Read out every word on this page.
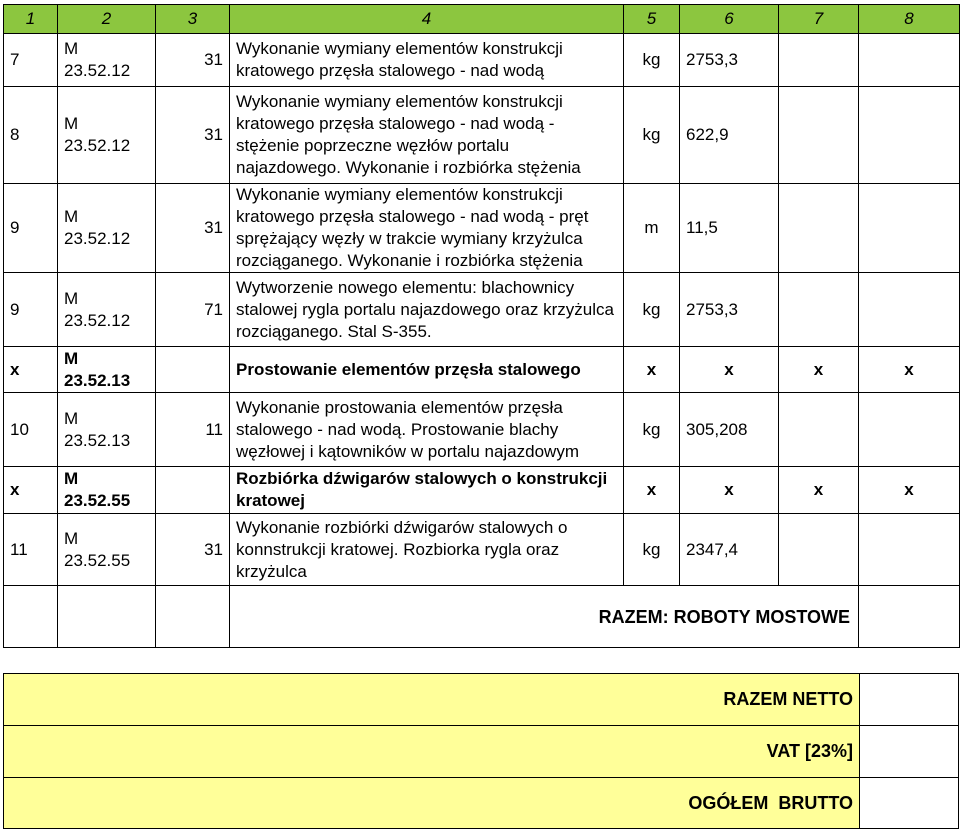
1	2	3	4	5	6	7	8
7	M 23.52.12	31	Wykonanie wymiany elementów konstrukcji kratowego przęsła stalowego - nad wodą	kg	2753,3		
8	M 23.52.12	31	Wykonanie wymiany elementów konstrukcji kratowego przęsła stalowego - nad wodą - stężenie poprzeczne węzłów portalu najazdowego. Wykonanie i rozbiórka stężenia	kg	622,9		
9	M 23.52.12	31	Wykonanie wymiany elementów konstrukcji kratowego przęsła stalowego - nad wodą - pręt sprężający węzły w trakcie wymiany krzyżulca rozciąganego. Wykonanie i rozbiórka stężenia	m	11,5		
9	M 23.52.12	71	Wytworzenie nowego elementu: blachownicy stalowej rygla portalu najazdowego oraz krzyżulca rozciąganego. Stal S-355.	kg	2753,3		
x	M 23.52.13		Prostowanie elementów przęsła stalowego	x	x	x	x
10	M 23.52.13	11	Wykonanie prostowania elementów przęsła stalowego - nad wodą. Prostowanie blachy węzłowej i kątowników w portalu najazdowym	kg	305,208		
x	M 23.52.55		Rozbiórka dźwigarów stalowych o konstrukcji kratowej	x	x	x	x
11	M 23.52.55	31	Wykonanie rozbiórki dźwigarów stalowych o konnstrukcji kratowej. Rozbiorka rygla oraz krzyżulca	kg	2347,4		
			RAZEM: ROBOTY MOSTOWE				
RAZEM NETTO	
VAT [23%]	
OGÓŁEM  BRUTTO	
